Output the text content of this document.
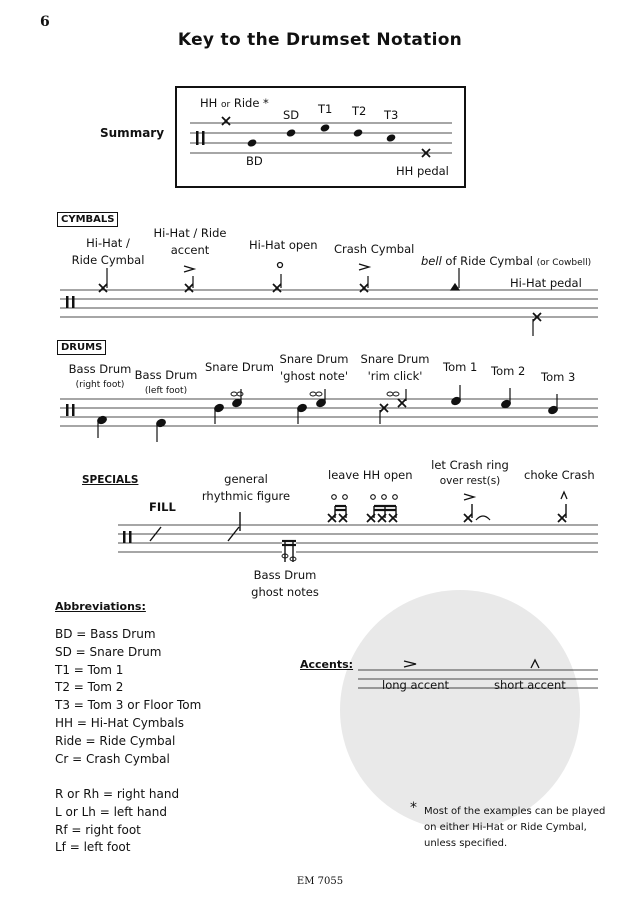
6
Key to the Drumset Notation
Summary
HH or Ride *
SD T1 T2 T3
BD
HH pedal
CYMBALS
Hi-Hat /
Ride Cymbal
Hi-Hat / Ride
accent	Hi-Hat open Crash Cymbal
bell of Ride Cymbal (or Cowbell)
Hi-Hat pedal
DRUMS
Bass Drum
(right foot)
Bass Drum
(left foot)
Snare Drum
Snare Drum
'ghost note'
Snare Drum
'rim click'
Tom 1 Tom 2 Tom 3
SPECIALS
FILL
general
rhythmic figure
leave HH open
let Crash ring
over rest(s)	choke Crash
Bass Drum
ghost notes
Abbreviations:
BD = Bass Drum
SD = Snare Drum
T1 = Tom 1
T2 = Tom 2
T3 = Tom 3 or Floor Tom
HH = Hi-Hat Cymbals
Ride = Ride Cymbal
Cr = Crash Cymbal
R or Rh = right hand
L or Lh = left hand
Rf = right foot
Lf = left foot
Accents:
long accent	short accent
* Most of the examples can be played
on either Hi-Hat or Ride Cymbal,
unless specified.
EM 7055
